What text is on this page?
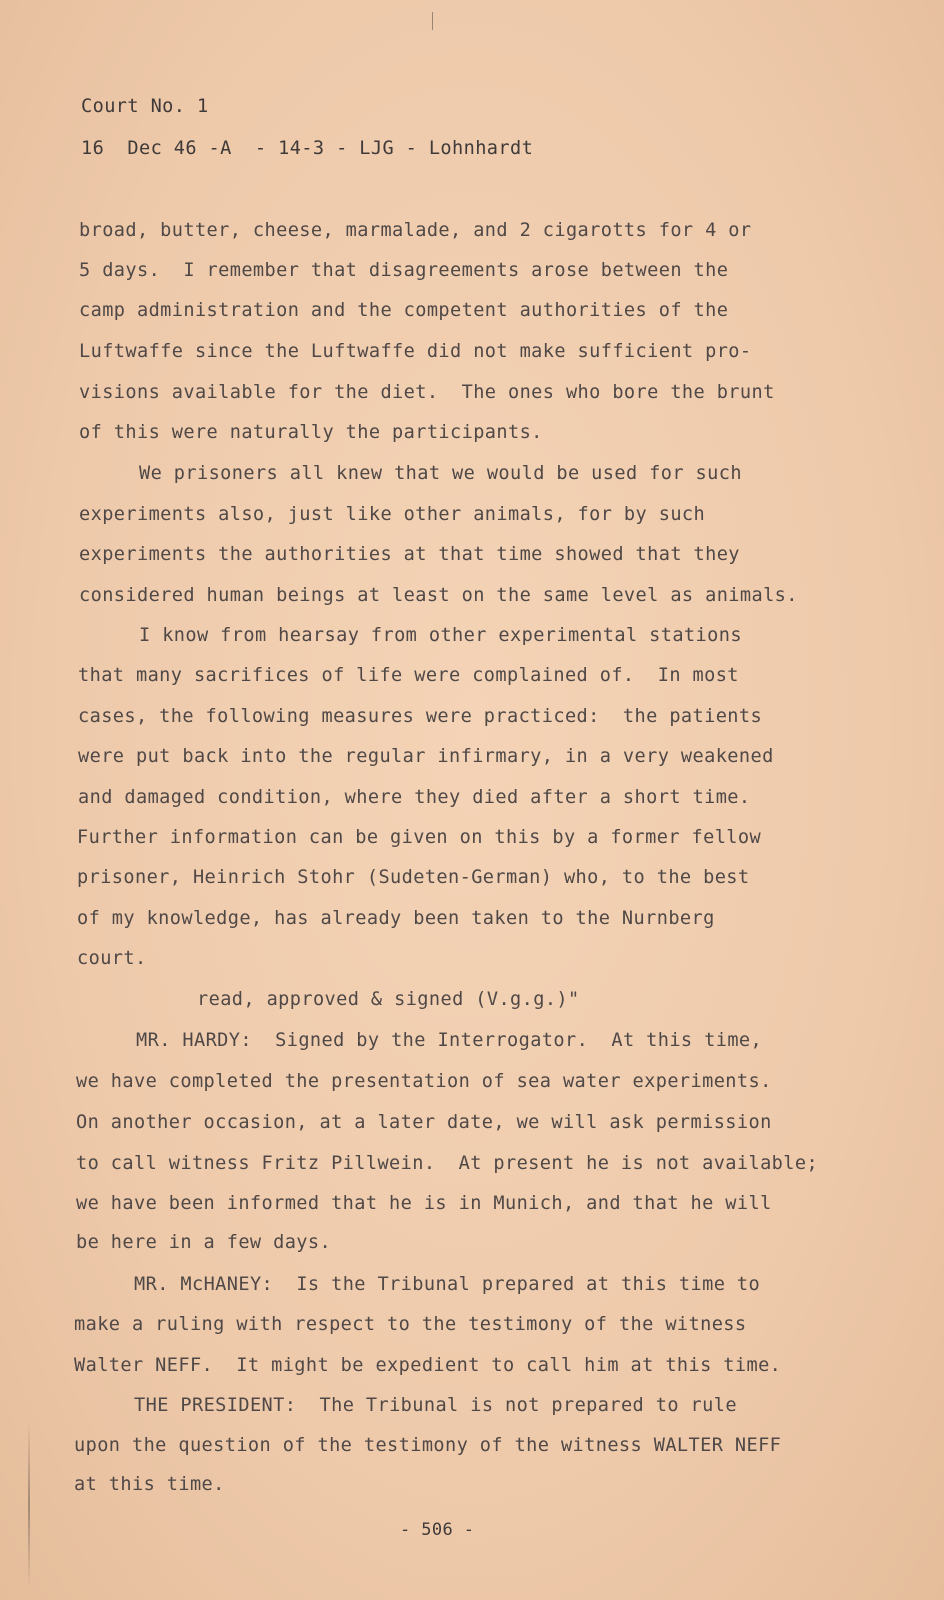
Court No. 1
16  Dec 46 -A  - 14-3 - LJG - Lohnhardt
broad, butter, cheese, marmalade, and 2 cigarotts for 4 or
5 days.  I remember that disagreements arose between the
camp administration and the competent authorities of the
Luftwaffe since the Luftwaffe did not make sufficient pro-
visions available for the diet.  The ones who bore the brunt
of this were naturally the participants.
We prisoners all knew that we would be used for such
experiments also, just like other animals, for by such
experiments the authorities at that time showed that they
considered human beings at least on the same level as animals.
I know from hearsay from other experimental stations
that many sacrifices of life were complained of.  In most
cases, the following measures were practiced:  the patients
were put back into the regular infirmary, in a very weakened
and damaged condition, where they died after a short time.
Further information can be given on this by a former fellow
prisoner, Heinrich Stohr (Sudeten-German) who, to the best
of my knowledge, has already been taken to the Nurnberg
court.
read, approved & signed (V.g.g.)"
MR. HARDY:  Signed by the Interrogator.  At this time,
we have completed the presentation of sea water experiments.
On another occasion, at a later date, we will ask permission
to call witness Fritz Pillwein.  At present he is not available;
we have been informed that he is in Munich, and that he will
be here in a few days.
MR. McHANEY:  Is the Tribunal prepared at this time to
make a ruling with respect to the testimony of the witness
Walter NEFF.  It might be expedient to call him at this time.
THE PRESIDENT:  The Tribunal is not prepared to rule
upon the question of the testimony of the witness WALTER NEFF
at this time.
- 506 -
